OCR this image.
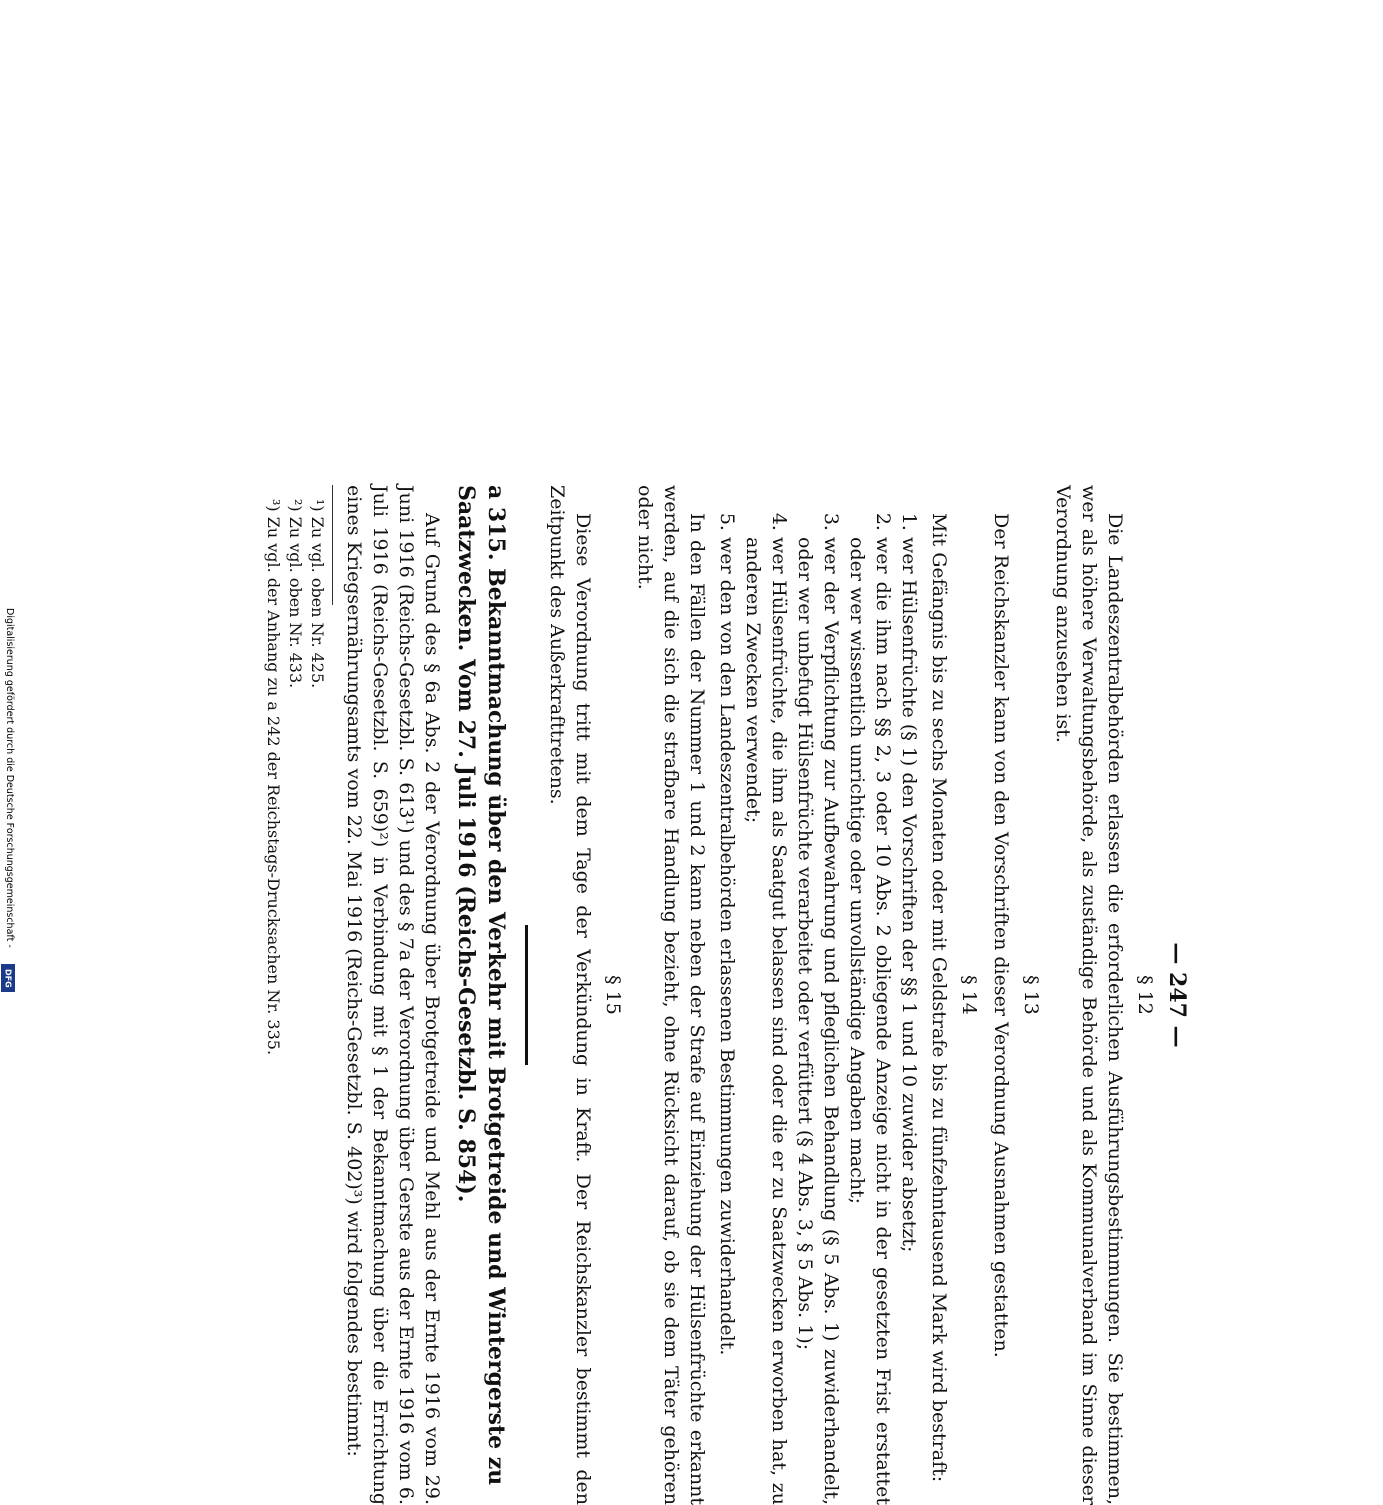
— 247 —
§ 12

Die Landeszentralbehörden erlassen die erforderlichen Ausführungsbestimmungen. Sie bestimmen, wer als höhere Verwaltungsbehörde, als zuständige Behörde und als Kommunalverband im Sinne dieser Verordnung anzusehen ist.

§ 13

Der Reichskanzler kann von den Vorschriften dieser Verordnung Ausnahmen gestatten.

§ 14

Mit Gefängnis bis zu sechs Monaten oder mit Geldstrafe bis zu fünfzehntausend Mark wird bestraft:

1. wer Hülsenfrüchte (§ 1) den Vorschriften der §§ 1 und 10 zuwider absetzt;
2. wer die ihm nach §§ 2, 3 oder 10 Abs. 2 obliegende Anzeige nicht in der gesetzten Frist erstattet oder wer wissentlich unrichtige oder unvollständige Angaben macht;
3. wer der Verpflichtung zur Aufbewahrung und pfleglichen Behandlung (§ 5 Abs. 1) zuwiderhandelt, oder wer unbefugt Hülsenfrüchte verarbeitet oder verfüttert (§ 4 Abs. 3, § 5 Abs. 1);
4. wer Hülsenfrüchte, die ihm als Saatgut belassen sind oder die er zu Saatzwecken erworben hat, zu anderen Zwecken verwendet;
5. wer den von den Landeszentralbehörden erlassenen Bestimmungen zuwiderhandelt.

In den Fällen der Nummer 1 und 2 kann neben der Strafe auf Einziehung der Hülsenfrüchte erkannt werden, auf die sich die strafbare Handlung bezieht, ohne Rücksicht darauf, ob sie dem Täter gehören oder nicht.

§ 15

Diese Verordnung tritt mit dem Tage der Verkündung in Kraft. Der Reichskanzler bestimmt den Zeitpunkt des Außerkrafttretens.

a 315. Bekanntmachung über den Verkehr mit Brotgetreide und Wintergerste zu Saatzwecken. Vom 27. Juli 1916 (Reichs-Gesetzbl. S. 854).

Auf Grund des § 6a Abs. 2 der Verordnung über Brotgetreide und Mehl aus der Ernte 1916 vom 29. Juni 1916 (Reichs-Gesetzbl. S. 613¹) und des § 7a der Verordnung über Gerste aus der Ernte 1916 vom 6. Juli 1916 (Reichs-Gesetzbl. S. 659)²) in Verbindung mit § 1 der Bekanntmachung über die Errichtung eines Kriegsernährungsamts vom 22. Mai 1916 (Reichs-Gesetzbl. S. 402)³) wird folgendes bestimmt:

¹) Zu vgl. oben Nr. 425.
²) Zu vgl. oben Nr. 433.
³) Zu vgl. der Anhang zu a 242 der Reichstags-Drucksachen Nr. 335.
Digitalisierung gefördert durch die Deutsche Forschungsgemeinschaft -
DFG
